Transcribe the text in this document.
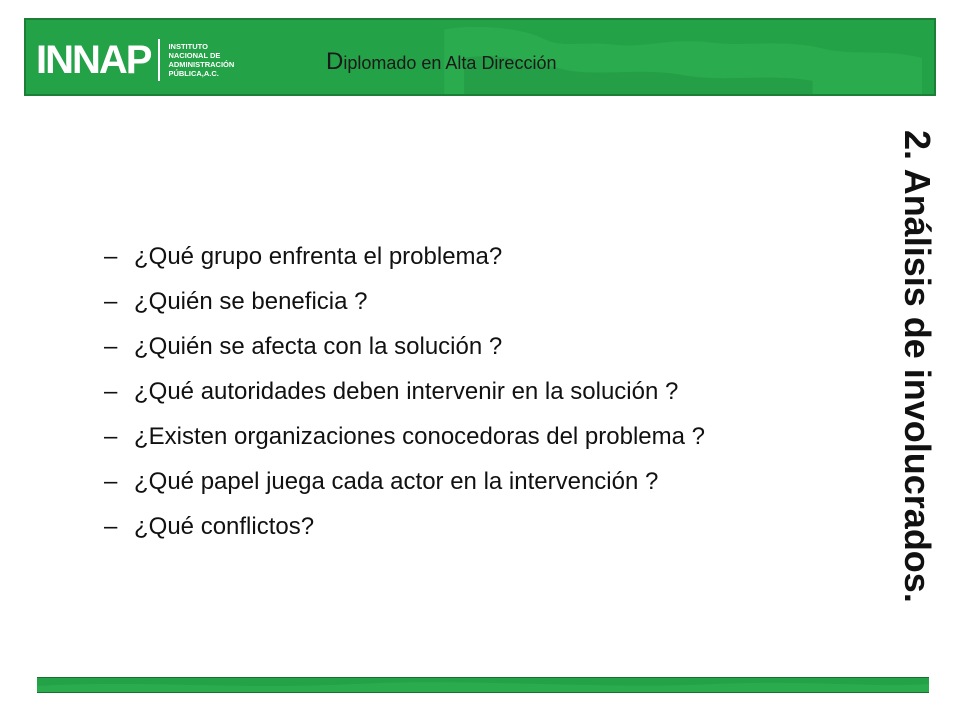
INNAP INSTITUTO
NACIONAL DE
ADMINISTRACIÓN
PÚBLICA,A.C.	Diplomado en Alta Dirección
2. Análisis de involucrados.
– ¿Qué grupo enfrenta el problema?
– ¿Quién se beneficia ?
– ¿Quién se afecta con la solución ?
– ¿Qué autoridades deben intervenir en la solución ?
– ¿Existen organizaciones conocedoras del problema ?
– ¿Qué papel juega cada actor en la intervención ?
– ¿Qué conflictos?
